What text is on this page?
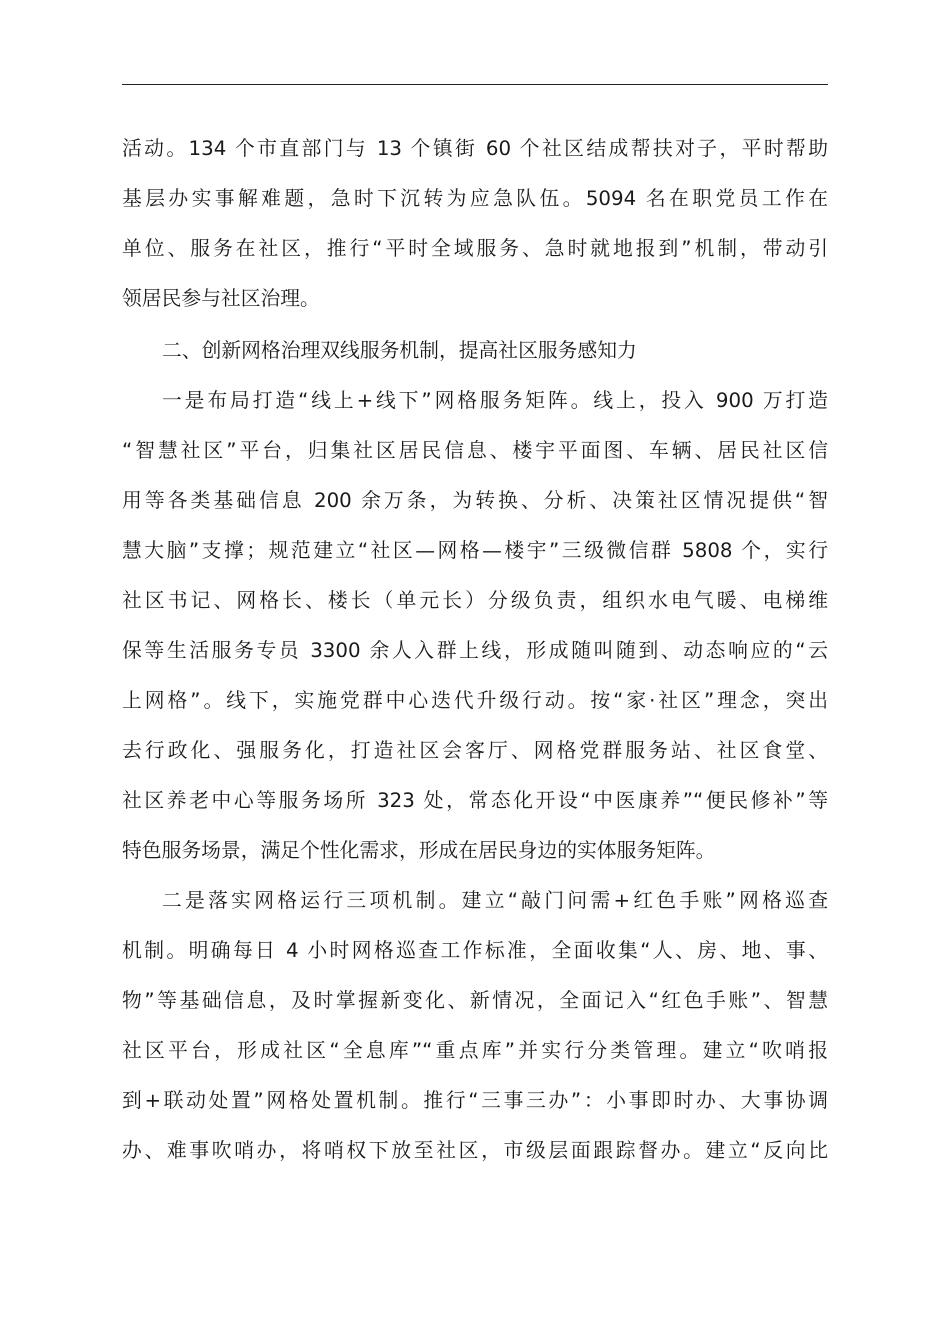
活动。134 个市直部门与 13 个镇街 60 个社区结成帮扶对子，平时帮助

基层办实事解难题，急时下沉转为应急队伍。5094 名在职党员工作在

单位、服务在社区，推行“平时全域服务、急时就地报到”机制，带动引

领居民参与社区治理。

二、创新网格治理双线服务机制，提高社区服务感知力

一是布局打造“线上+线下”网格服务矩阵。线上，投入 900 万打造

“智慧社区”平台，归集社区居民信息、楼宇平面图、车辆、居民社区信

用等各类基础信息 200 余万条，为转换、分析、决策社区情况提供“智

慧大脑”支撑；规范建立“社区—网格—楼宇”三级微信群 5808 个，实行

社区书记、网格长、楼长（单元长）分级负责，组织水电气暖、电梯维

保等生活服务专员 3300 余人入群上线，形成随叫随到、动态响应的“云

上网格”。线下，实施党群中心迭代升级行动。按“家·社区”理念，突出

去行政化、强服务化，打造社区会客厅、网格党群服务站、社区食堂、

社区养老中心等服务场所 323 处，常态化开设“中医康养”“便民修补”等

特色服务场景，满足个性化需求，形成在居民身边的实体服务矩阵。

二是落实网格运行三项机制。建立“敲门问需+红色手账”网格巡查

机制。明确每日 4 小时网格巡查工作标准，全面收集“人、房、地、事、

物”等基础信息，及时掌握新变化、新情况，全面记入“红色手账”、智慧

社区平台，形成社区“全息库”“重点库”并实行分类管理。建立“吹哨报

到+联动处置”网格处置机制。推行“三事三办”：小事即时办、大事协调

办、难事吹哨办，将哨权下放至社区，市级层面跟踪督办。建立“反向比
